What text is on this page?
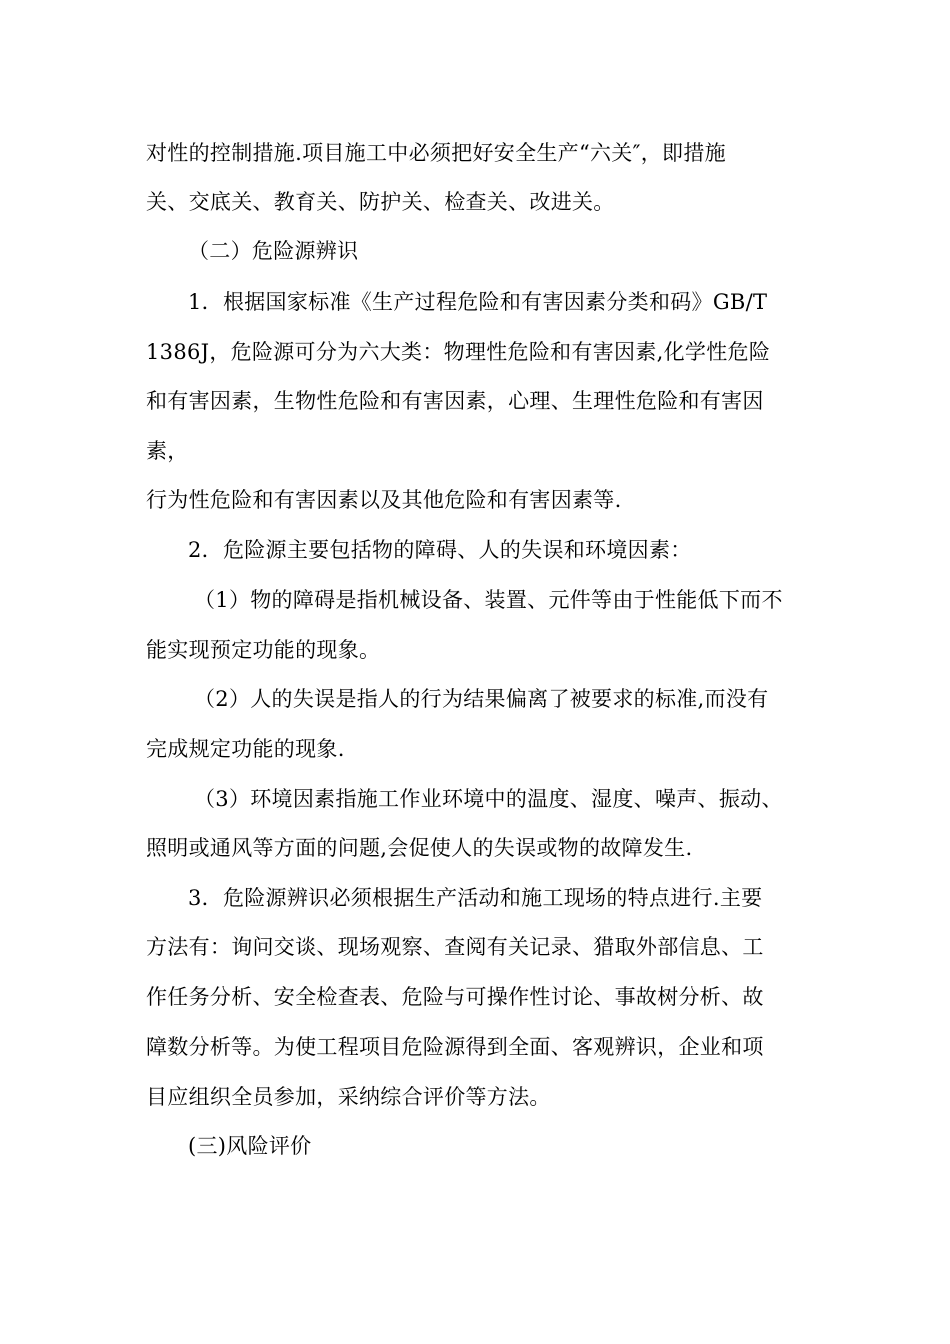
对性的控制措施.项目施工中必须把好安全生产“六关″，即措施
关、交底关、教育关、防护关、检查关、改进关。
（二）危险源辨识
1．根据国家标准《生产过程危险和有害因素分类和码》GB/T
1386J，危险源可分为六大类：物理性危险和有害因素,化学性危险
和有害因素，生物性危险和有害因素，心理、生理性危险和有害因
素，
行为性危险和有害因素以及其他危险和有害因素等.
2．危险源主要包括物的障碍、人的失误和环境因素：
（1）物的障碍是指机械设备、装置、元件等由于性能低下而不
能实现预定功能的现象。
（2）人的失误是指人的行为结果偏离了被要求的标准,而没有
完成规定功能的现象.
（3）环境因素指施工作业环境中的温度、湿度、噪声、振动、
照明或通风等方面的问题,会促使人的失误或物的故障发生.
3．危险源辨识必须根据生产活动和施工现场的特点进行.主要
方法有：询问交谈、现场观察、查阅有关记录、猎取外部信息、工
作任务分析、安全检查表、危险与可操作性讨论、事故树分析、故
障数分析等。为使工程项目危险源得到全面、客观辨识，企业和项
目应组织全员参加，采纳综合评价等方法。
(三)风险评价
